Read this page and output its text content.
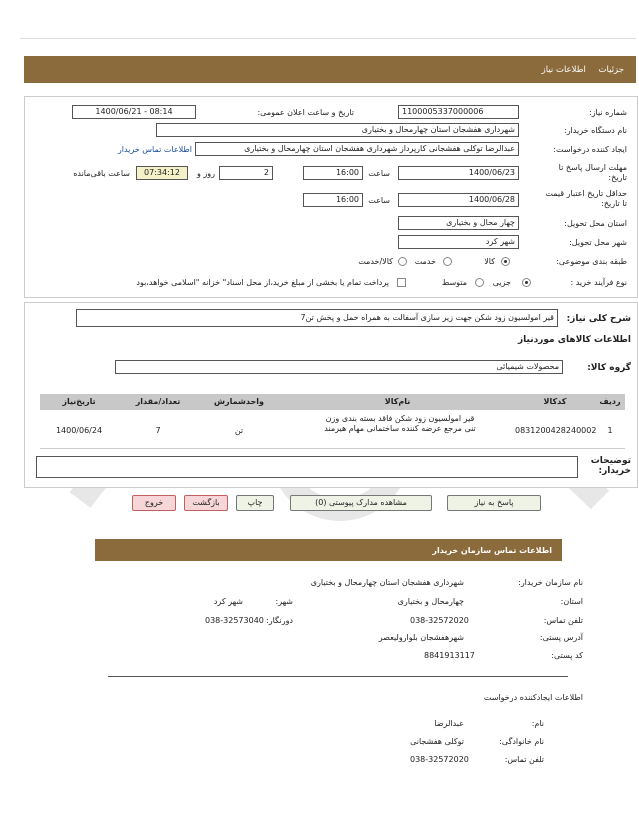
جزئیات اطلاعات نیاز
شماره نیاز:
1100005337000006
تاریخ و ساعت اعلان عمومی:
1400/06/21 - 08:14
نام دستگاه خریدار:
شهرداری هفشجان استان چهارمحال و بختیاری
ایجاد کننده درخواست:
عبدالرضا توکلی هفشجانی کارپرداز شهرداری هفشجان استان چهارمحال و بختیاری
اطلاعات تماس خریدار
مهلت ارسال پاسخ تا تاریخ:
1400/06/23
ساعت
16:00
2
روز و
07:34:12
ساعت باقی‌مانده
حداقل تاریخ اعتبار قیمت تا تاریخ:
1400/06/28
ساعت
16:00
استان محل تحویل:
چهار محال و بختیاری
شهر محل تحویل:
شهر کرد
طبقه بندی موضوعی:
کالا
خدمت
کالا/خدمت
نوع فرآیند خرید :
جزیی
متوسط
پرداخت تمام یا بخشی از مبلغ خرید،از محل اسناد" خزانه "اسلامی خواهد،بود
شرح کلی نیاز:
قیر امولسیون زود شکن جهت زیر سازی آسفالت به همراه حمل و پخش تن7
اطلاعات کالاهای موردنیاز
گروه کالا:
محصولات شیمیائی
ردیف
کدکالا
نام‌کالا
واحدشمارش
تعداد/مقدار
تاریخ‌نیاز
1
0831200428240002
قیر امولسیون زود شکن فاقد بسته بندی وزن تنی مرجع عرضه کننده ساختمانی مهام هیرمند
تن
7
1400/06/24
توضیحات خریدار:
پاسخ به نیاز
مشاهده مدارک پیوستی (0)
چاپ
بازگشت
خروج
اطلاعات تماس سازمان خریدار
نام سازمان خریدار:
شهرداری هفشجان استان چهارمحال و بختیاری
استان:
چهارمحال و بختیاری
شهر:
شهر کرد
تلفن تماس:
038-32572020
دورنگار:
038-32573040
آدرس پستی:
شهرهفشجان بلوارولیعصر
کد پستی:
8841913117
اطلاعات ایجادکننده درخواست
نام:
عبدالرضا
نام خانوادگی:
توکلی هفشجانی
تلفن تماس:
038-32572020
